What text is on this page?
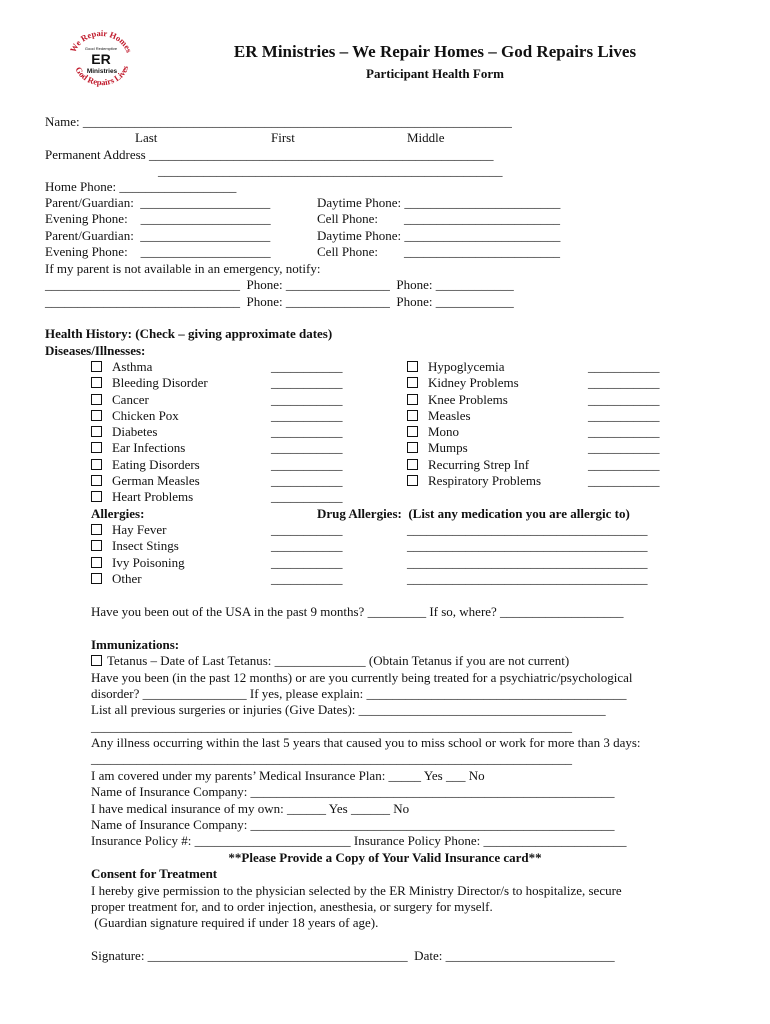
We Repair Homes
Good Redemptive
ER
Ministries
God Repairs Lives
ER Ministries – We Repair Homes – God Repairs Lives
Participant Health Form
Name: __________________________________________________________________
Last	First	Middle
Permanent Address _____________________________________________________
_____________________________________________________
Home Phone: __________________
Parent/Guardian:  ____________________	Daytime Phone: ________________________
Evening Phone:    ____________________	Cell Phone:        ________________________
Parent/Guardian:  ____________________	Daytime Phone: ________________________
Evening Phone:    ____________________	Cell Phone:        ________________________
If my parent is not available in an emergency, notify:
______________________________  Phone: ________________  Phone: ____________
______________________________  Phone: ________________  Phone: ____________
Health History: (Check – giving approximate dates)
Diseases/Illnesses:
Asthma	___________
Bleeding Disorder	___________
Cancer	___________
Chicken Pox	___________
Diabetes	___________
Ear Infections	___________
Eating Disorders	___________
German Measles	___________
Heart Problems	___________
Hypoglycemia	___________
Kidney Problems	___________
Knee Problems	___________
Measles	___________
Mono	___________
Mumps	___________
Recurring Strep Inf	___________
Respiratory Problems	___________
Allergies:	Drug Allergies:  (List any medication you are allergic to)
Hay Fever	___________	_____________________________________
Insect Stings	___________	_____________________________________
Ivy Poisoning	___________	_____________________________________
Other	___________	_____________________________________
Have you been out of the USA in the past 9 months? _________ If so, where? ___________________
Immunizations:
Tetanus – Date of Last Tetanus: ______________ (Obtain Tetanus if you are not current)
Have you been (in the past 12 months) or are you currently being treated for a psychiatric/psychological
disorder? ________________ If yes, please explain: ________________________________________
List all previous surgeries or injuries (Give Dates): ______________________________________
__________________________________________________________________________
Any illness occurring within the last 5 years that caused you to miss school or work for more than 3 days:
__________________________________________________________________________
I am covered under my parents’ Medical Insurance Plan: _____ Yes ___ No
Name of Insurance Company: ________________________________________________________
I have medical insurance of my own: ______ Yes ______ No
Name of Insurance Company: ________________________________________________________
Insurance Policy #: ________________________ Insurance Policy Phone: ______________________
**Please Provide a Copy of Your Valid Insurance card**
Consent for Treatment
I hereby give permission to the physician selected by the ER Ministry Director/s to hospitalize, secure
proper treatment for, and to order injection, anesthesia, or surgery for myself.
(Guardian signature required if under 18 years of age).
Signature: ________________________________________  Date: __________________________
